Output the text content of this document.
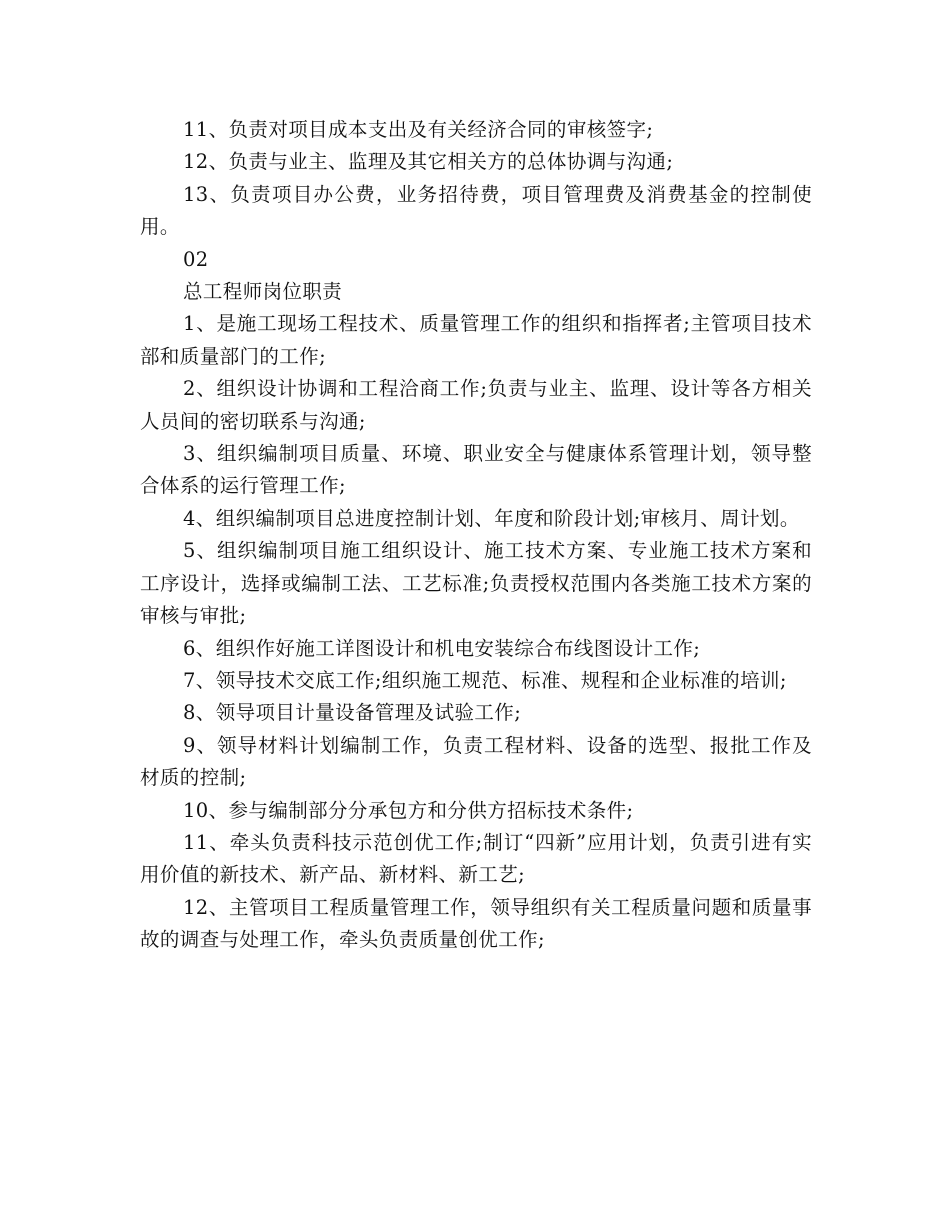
11、负责对项目成本支出及有关经济合同的审核签字;

12、负责与业主、监理及其它相关方的总体协调与沟通;

13、负责项目办公费，业务招待费，项目管理费及消费基金的控制使用。

02

总工程师岗位职责

1、是施工现场工程技术、质量管理工作的组织和指挥者;主管项目技术部和质量部门的工作;

2、组织设计协调和工程洽商工作;负责与业主、监理、设计等各方相关人员间的密切联系与沟通;

3、组织编制项目质量、环境、职业安全与健康体系管理计划，领导整合体系的运行管理工作;

4、组织编制项目总进度控制计划、年度和阶段计划;审核月、周计划。

5、组织编制项目施工组织设计、施工技术方案、专业施工技术方案和工序设计，选择或编制工法、工艺标准;负责授权范围内各类施工技术方案的审核与审批;

6、组织作好施工详图设计和机电安装综合布线图设计工作;

7、领导技术交底工作;组织施工规范、标准、规程和企业标准的培训;

8、领导项目计量设备管理及试验工作;

9、领导材料计划编制工作，负责工程材料、设备的选型、报批工作及材质的控制;

10、参与编制部分分承包方和分供方招标技术条件;

11、牵头负责科技示范创优工作;制订“四新”应用计划，负责引进有实用价值的新技术、新产品、新材料、新工艺;

12、主管项目工程质量管理工作，领导组织有关工程质量问题和质量事故的调查与处理工作，牵头负责质量创优工作;
